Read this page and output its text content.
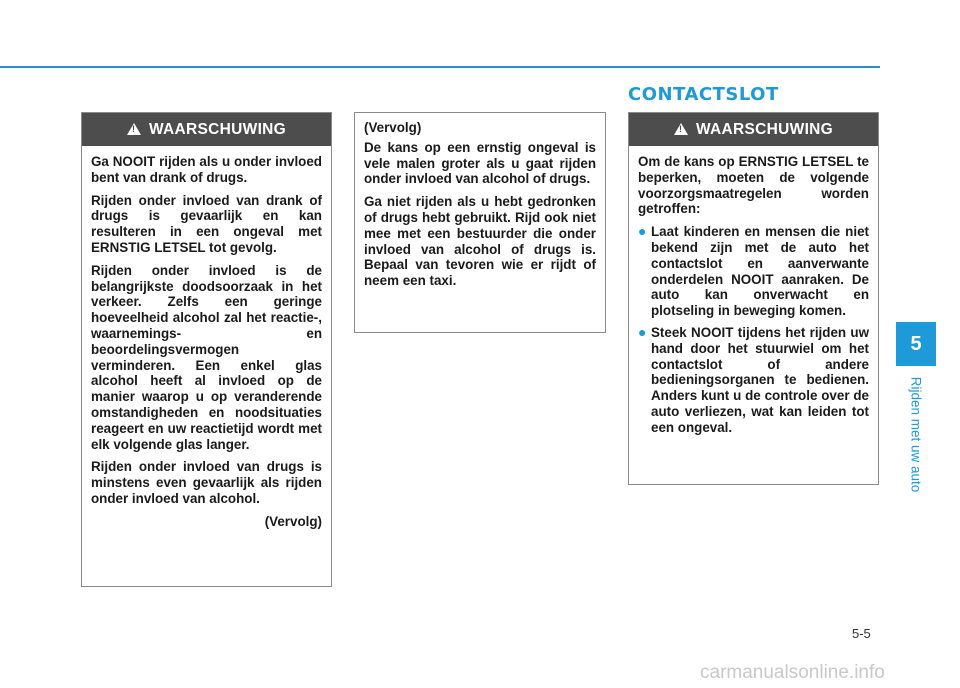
CONTACTSLOT
!
WAARSCHUWING

Ga NOOIT rijden als u onder invloed bent van drank of drugs.

Rijden onder invloed van drank of drugs is gevaarlijk en kan resulteren in een ongeval met ERNSTIG LETSEL tot gevolg.

Rijden onder invloed is de belangrijkste doodsoorzaak in het verkeer. Zelfs een geringe hoeveelheid alcohol zal het reactie-, waarnemings- en beoordelingsvermogen verminderen. Een enkel glas alcohol heeft al invloed op de manier waarop u op veranderende omstandigheden en noodsituaties reageert en uw reactietijd wordt met elk volgende glas langer.

Rijden onder invloed van drugs is minstens even gevaarlijk als rijden onder invloed van alcohol.

(Vervolg)

(Vervolg)

De kans op een ernstig ongeval is vele malen groter als u gaat rijden onder invloed van alcohol of drugs.

Ga niet rijden als u hebt gedronken of drugs hebt gebruikt. Rijd ook niet mee met een bestuurder die onder invloed van alcohol of drugs is. Bepaal van tevoren wie er rijdt of neem een taxi.

!
WAARSCHUWING

Om de kans op ERNSTIG LETSEL te beperken, moeten de volgende voorzorgsmaatregelen worden getroffen:

● Laat kinderen en mensen die niet bekend zijn met de auto het contactslot en aanverwante onderdelen NOOIT aanraken. De auto kan onverwacht en plotseling in beweging komen.
● Steek NOOIT tijdens het rijden uw hand door het stuurwiel om het contactslot of andere bedieningsorganen te bedienen. Anders kunt u de controle over de auto verliezen, wat kan leiden tot een ongeval.
5
Rijden met uw auto
5-5
carmanualsonline.info
